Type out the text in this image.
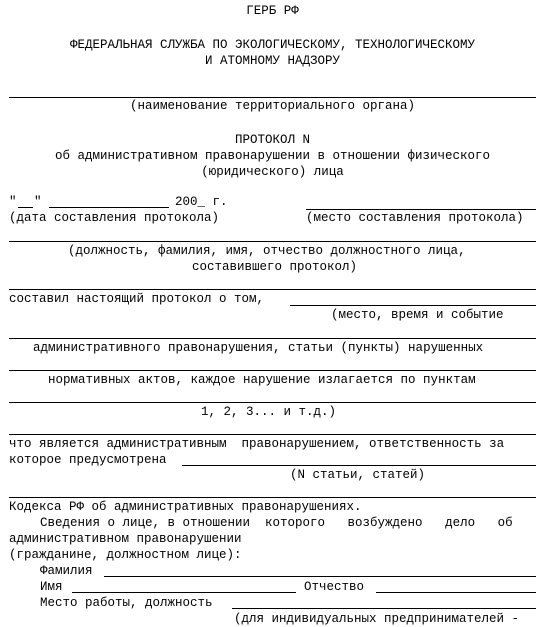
ГЕРБ РФ
ФЕДЕРАЛЬНАЯ СЛУЖБА ПО ЭКОЛОГИЧЕСКОМУ, ТЕХНОЛОГИЧЕСКОМУ
И АТОМНОМУ НАДЗОРУ
(наименование территориального органа)
ПРОТОКОЛ N
об административном правонарушении в отношении физического
(юридического) лица
" "	200_ г.
(дата составления протокола)	(место составления протокола)
(должность, фамилия, имя, отчество должностного лица,
составившего протокол)
составил настоящий протокол о том,
(место, время и событие
административного правонарушения, статьи (пункты) нарушенных
нормативных актов, каждое нарушение излагается по пунктам
1, 2, 3... и т.д.)
что является административным  правонарушением, ответственность за
которое предусмотрена
(N статьи, статей)
Кодекса РФ об административных правонарушениях.
Сведения о лице, в отношении  которого   возбуждено   дело   об
административном правонарушении
(гражданине, должностном лице):
Фамилия
Имя	Отчество
Место работы, должность
(для индивидуальных предпринимателей -
